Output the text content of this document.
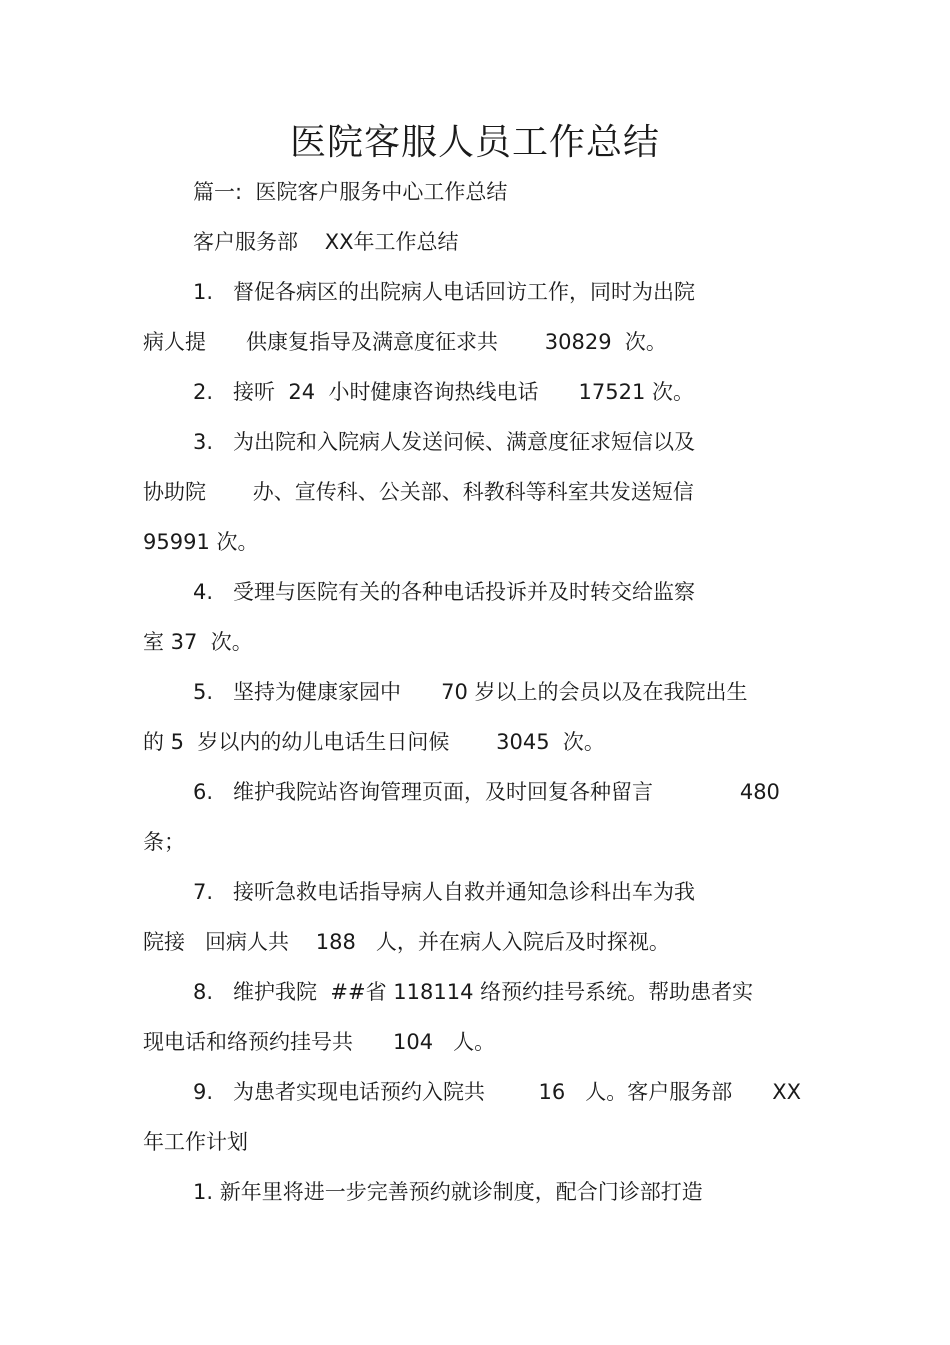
医院客服人员工作总结

篇一:  医院客户服务中心工作总结

客户服务部    XX年工作总结

1.   督促各病区的出院病人电话回访工作，同时为出院

病人提      供康复指导及满意度征求共       30829  次。

2.   接听  24  小时健康咨询热线电话      17521 次。

3.   为出院和入院病人发送问候、满意度征求短信以及

协助院       办、宣传科、公关部、科教科等科室共发送短信

95991 次。

4.   受理与医院有关的各种电话投诉并及时转交给监察

室 37  次。

5.   坚持为健康家园中      70 岁以上的会员以及在我院出生

的 5  岁以内的幼儿电话生日问候       3045  次。

6.   维护我院站咨询管理页面，及时回复各种留言             480

条；

7.   接听急救电话指导病人自救并通知急诊科出车为我

院接   回病人共    188   人，并在病人入院后及时探视。

8.   维护我院  ##省 118114 络预约挂号系统。帮助患者实

现电话和络预约挂号共      104   人。

9.   为患者实现电话预约入院共        16   人。客户服务部      XX

年工作计划

1. 新年里将进一步完善预约就诊制度，配合门诊部打造
